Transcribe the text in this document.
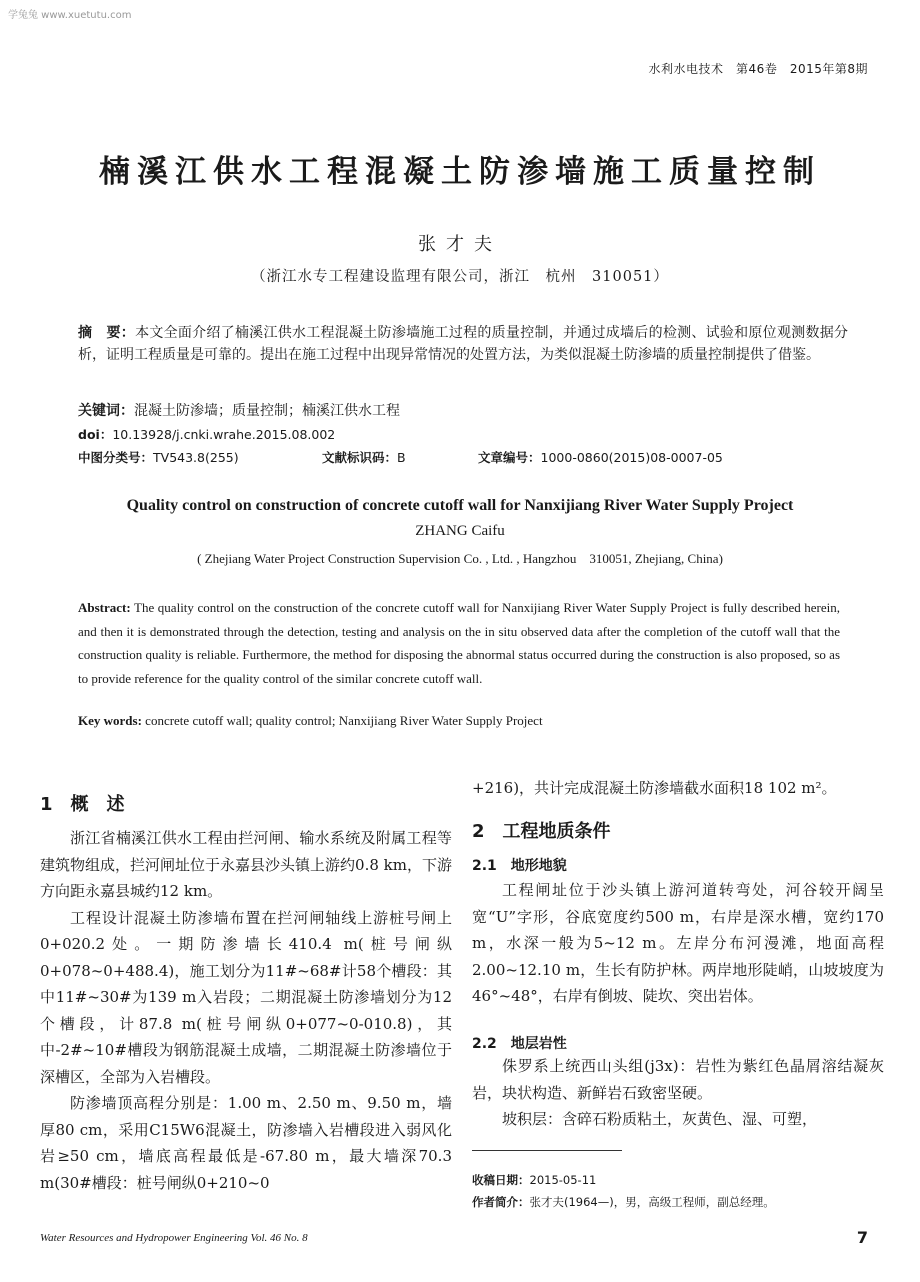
学兔兔 www.xuetutu.com
水利水电技术　第46卷　2015年第8期
楠溪江供水工程混凝土防渗墙施工质量控制
张才夫
（浙江水专工程建设监理有限公司，浙江　杭州　310051）
摘　要：本文全面介绍了楠溪江供水工程混凝土防渗墙施工过程的质量控制，并通过成墙后的检测、试验和原位观测数据分析，证明工程质量是可靠的。提出在施工过程中出现异常情况的处置方法，为类似混凝土防渗墙的质量控制提供了借鉴。
关键词：混凝土防渗墙；质量控制；楠溪江供水工程
doi：10.13928/j.cnki.wrahe.2015.08.002
中图分类号：TV543.8(255)	文献标识码：B	文章编号：1000-0860(2015)08-0007-05
Quality control on construction of concrete cutoff wall for Nanxijiang River Water Supply Project
ZHANG Caifu
( Zhejiang Water Project Construction Supervision Co. , Ltd. , Hangzhou　310051, Zhejiang, China)
Abstract: The quality control on the construction of the concrete cutoff wall for Nanxijiang River Water Supply Project is fully described herein, and then it is demonstrated through the detection, testing and analysis on the in situ observed data after the completion of the cutoff wall that the construction quality is reliable. Furthermore, the method for disposing the abnormal status occurred during the construction is also proposed, so as to provide reference for the quality control of the similar concrete cutoff wall.
Key words: concrete cutoff wall; quality control; Nanxijiang River Water Supply Project
1　概　述
浙江省楠溪江供水工程由拦河闸、输水系统及附属工程等建筑物组成，拦河闸址位于永嘉县沙头镇上游约0.8 km，下游方向距永嘉县城约12 km。
工程设计混凝土防渗墙布置在拦河闸轴线上游桩号闸上0+020.2处。一期防渗墙长410.4 m(桩号闸纵0+078~0+488.4)，施工划分为11#~68#计58个槽段：其中11#~30#为139 m入岩段；二期混凝土防渗墙划分为12个槽段，计87.8 m(桩号闸纵0+077~0-010.8)，其中-2#~10#槽段为钢筋混凝土成墙，二期混凝土防渗墙位于深槽区，全部为入岩槽段。
防渗墙顶高程分别是：1.00 m、2.50 m、9.50 m，墙厚80 cm，采用C15W6混凝土，防渗墙入岩槽段进入弱风化岩≥50 cm，墙底高程最低是-67.80 m，最大墙深70.3 m(30#槽段：桩号闸纵0+210~0
+216)，共计完成混凝土防渗墙截水面积18 102 m²。
2　工程地质条件
2.1　地形地貌
工程闸址位于沙头镇上游河道转弯处，河谷较开阔呈宽“U”字形，谷底宽度约500 m，右岸是深水槽，宽约170 m，水深一般为5~12 m。左岸分布河漫滩，地面高程2.00~12.10 m，生长有防护林。两岸地形陡峭，山坡坡度为46°~48°，右岸有倒坡、陡坎、突出岩体。
2.2　地层岩性
侏罗系上统西山头组(j3x)：岩性为紫红色晶屑溶结凝灰岩，块状构造、新鲜岩石致密坚硬。
坡积层：含碎石粉质粘土，灰黄色、湿、可塑，
收稿日期：2015-05-11
作者简介：张才夫(1964—)，男，高级工程师，副总经理。
Water Resources and Hydropower Engineering Vol. 46 No. 8	7
